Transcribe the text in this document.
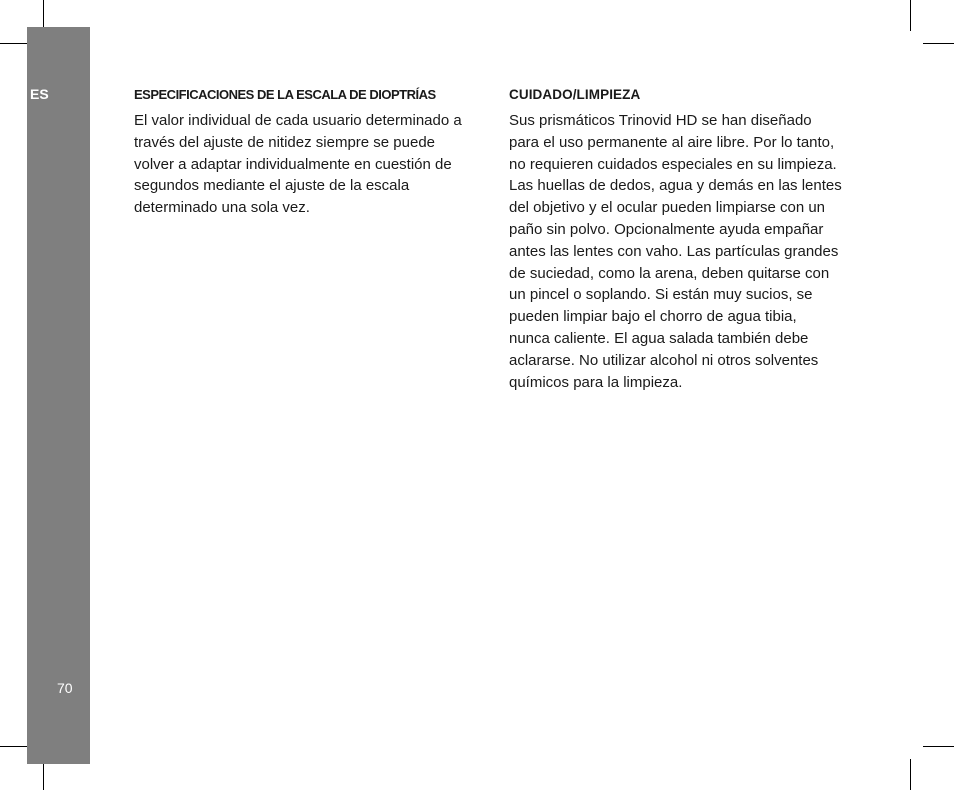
ES
70
ESPECIFICACIONES DE LA ESCALA DE DIOPTRÍAS

El valor individual de cada usuario determinado a
través del ajuste de nitidez siempre se puede
volver a adaptar individualmente en cuestión de
segundos mediante el ajuste de la escala
determinado una sola vez.

CUIDADO/LIMPIEZA

Sus prismáticos Trinovid HD se han diseñado
para el uso permanente al aire libre. Por lo tanto,
no requieren cuidados especiales en su limpieza.
Las huellas de dedos, agua y demás en las lentes
del objetivo y el ocular pueden limpiarse con un
paño sin polvo. Opcionalmente ayuda empañar
antes las lentes con vaho. Las partículas grandes
de suciedad, como la arena, deben quitarse con
un pincel o soplando. Si están muy sucios, se
pueden limpiar bajo el chorro de agua tibia,
nunca caliente. El agua salada también debe
aclararse. No utilizar alcohol ni otros solventes
químicos para la limpieza.
